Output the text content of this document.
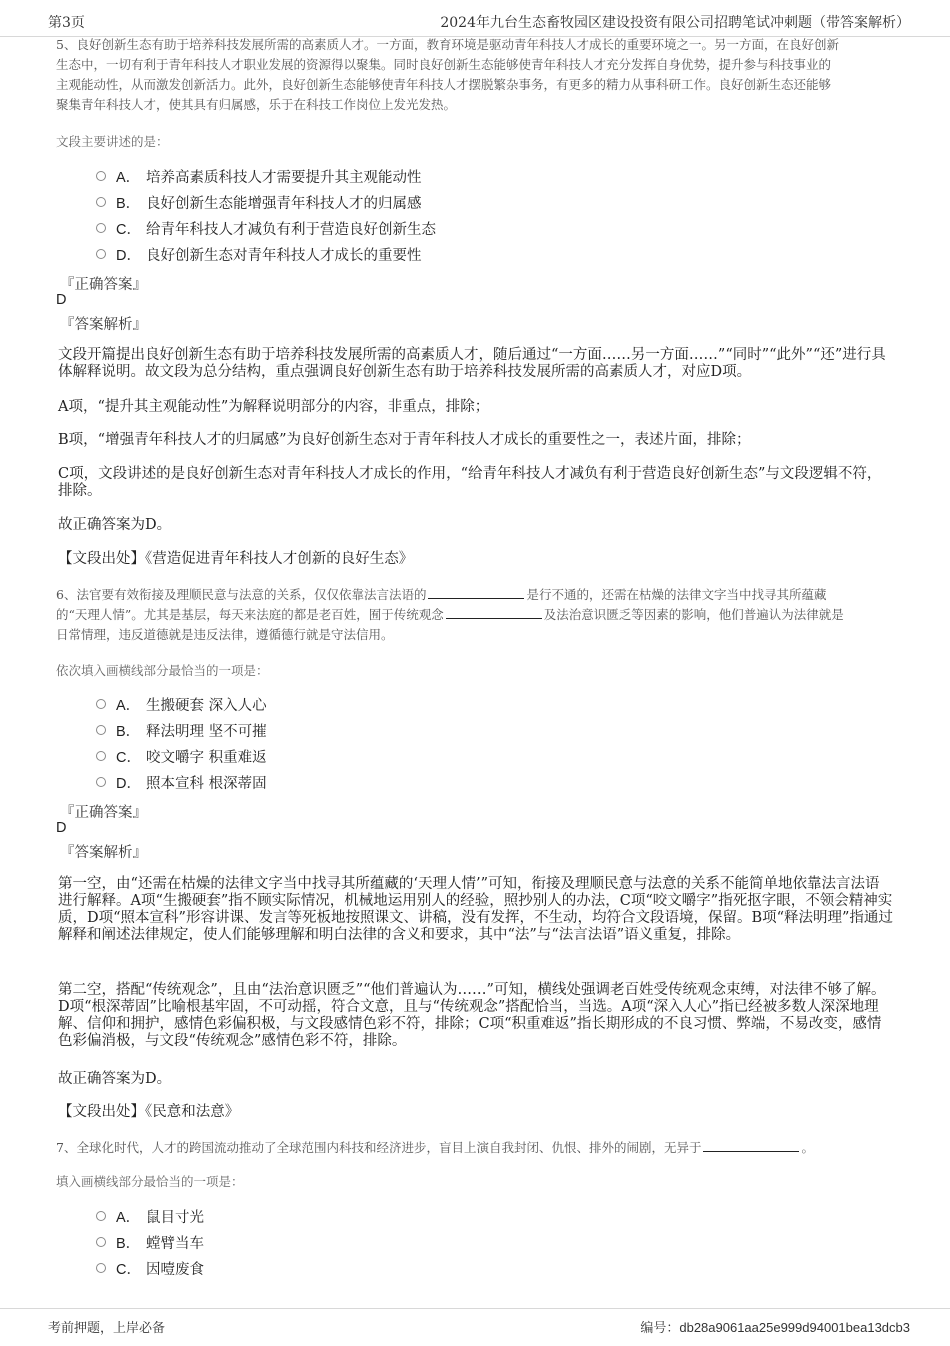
5、良好创新生态有助于培养科技发展所需的高素质人才。一方面，教育环境是驱动青年科技人才成长的重要环境之一。另一方面，在良好创新
生态中，一切有利于青年科技人才职业发展的资源得以聚集。同时良好创新生态能够使青年科技人才充分发挥自身优势，提升参与科技事业的
主观能动性，从而激发创新活力。此外，良好创新生态能够使青年科技人才摆脱繁杂事务，有更多的精力从事科研工作。良好创新生态还能够
聚集青年科技人才，使其具有归属感，乐于在科技工作岗位上发光发热。
文段主要讲述的是：
A． 培养高素质科技人才需要提升其主观能动性
B． 良好创新生态能增强青年科技人才的归属感
C． 给青年科技人才减负有利于营造良好创新生态
D． 良好创新生态对青年科技人才成长的重要性
『正确答案』
D
『答案解析』
文段开篇提出良好创新生态有助于培养科技发展所需的高素质人才，随后通过“一方面……另一方面……”“同时”“此外”“还”进行具体解释说明。故文段为总分结构，重点强调良好创新生态有助于培养科技发展所需的高素质人才，对应D项。
A项，“提升其主观能动性”为解释说明部分的内容，非重点，排除；
B项，“增强青年科技人才的归属感”为良好创新生态对于青年科技人才成长的重要性之一，表述片面，排除；
C项，文段讲述的是良好创新生态对青年科技人才成长的作用，“给青年科技人才减负有利于营造良好创新生态”与文段逻辑不符，排除。
故正确答案为D。
【文段出处】《营造促进青年科技人才创新的良好生态》
6、法官要有效衔接及理顺民意与法意的关系，仅仅依靠法言法语的	是行不通的，还需在枯燥的法律文字当中找寻其所蕴藏
的“天理人情”。尤其是基层，每天来法庭的都是老百姓，囿于传统观念	及法治意识匮乏等因素的影响，他们普遍认为法律就是
日常情理，违反道德就是违反法律，遵循德行就是守法信用。
依次填入画横线部分最恰当的一项是：
A． 生搬硬套 深入人心
B． 释法明理 坚不可摧
C． 咬文嚼字 积重难返
D． 照本宣科 根深蒂固
『正确答案』
D
『答案解析』
第一空，由“还需在枯燥的法律文字当中找寻其所蕴藏的‘天理人情’”可知，衔接及理顺民意与法意的关系不能简单地依靠法言法语进行解释。A项“生搬硬套”指不顾实际情况，机械地运用别人的经验，照抄别人的办法，C项“咬文嚼字”指死抠字眼，不领会精神实质，D项“照本宣科”形容讲课、发言等死板地按照课文、讲稿，没有发挥，不生动，均符合文段语境，保留。B项“释法明理”指通过解释和阐述法律规定，使人们能够理解和明白法律的含义和要求，其中“法”与“法言法语”语义重复，排除。
第二空，搭配“传统观念”，且由“法治意识匮乏”“他们普遍认为……”可知，横线处强调老百姓受传统观念束缚，对法律不够了解。D项“根深蒂固”比喻根基牢固，不可动摇，符合文意，且与“传统观念”搭配恰当，当选。A项“深入人心”指已经被多数人深深地理解、信仰和拥护，感情色彩偏积极，与文段感情色彩不符，排除；C项“积重难返”指长期形成的不良习惯、弊端，不易改变，感情色彩偏消极，与文段“传统观念”感情色彩不符，排除。
故正确答案为D。
【文段出处】《民意和法意》
7、全球化时代，人才的跨国流动推动了全球范围内科技和经济进步，盲目上演自我封闭、仇恨、排外的闹剧，无异于	。
填入画横线部分最恰当的一项是：
A． 鼠目寸光
B． 螳臂当车
C． 因噎废食
第3页	2024年九台生态畜牧园区建设投资有限公司招聘笔试冲刺题（带答案解析）
考前押题，上岸必备	编号：db28a9061aa25e999d94001bea13dcb3
